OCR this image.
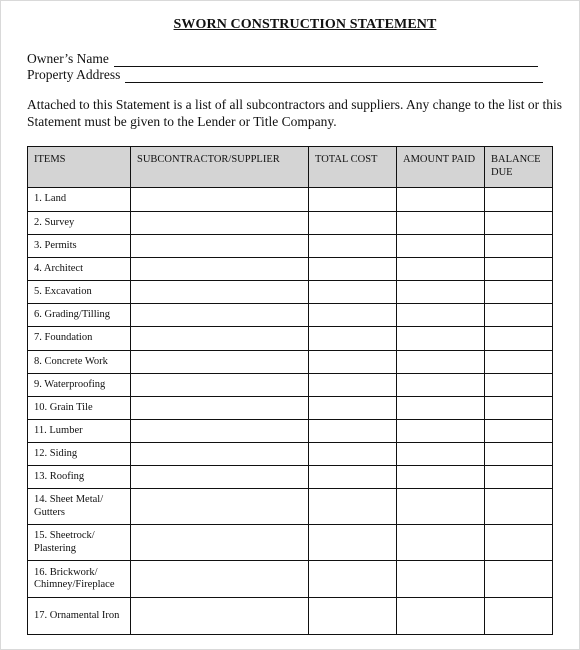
SWORN CONSTRUCTION STATEMENT
Owner’s Name
Property Address
Attached to this Statement is a list of all subcontractors and suppliers. Any change to the list or this Statement must be given to the Lender or Title Company.
ITEMS	SUBCONTRACTOR/SUPPLIER	TOTAL COST	AMOUNT PAID	BALANCE DUE
1. Land				
2. Survey				
3. Permits				
4. Architect				
5. Excavation				
6. Grading/Tilling				
7. Foundation				
8. Concrete Work				
9. Waterproofing				
10. Grain Tile				
11. Lumber				
12. Siding				
13. Roofing				
14. Sheet Metal/ Gutters				
15. Sheetrock/ Plastering				
16. Brickwork/ Chimney/Fireplace				
17. Ornamental Iron				
